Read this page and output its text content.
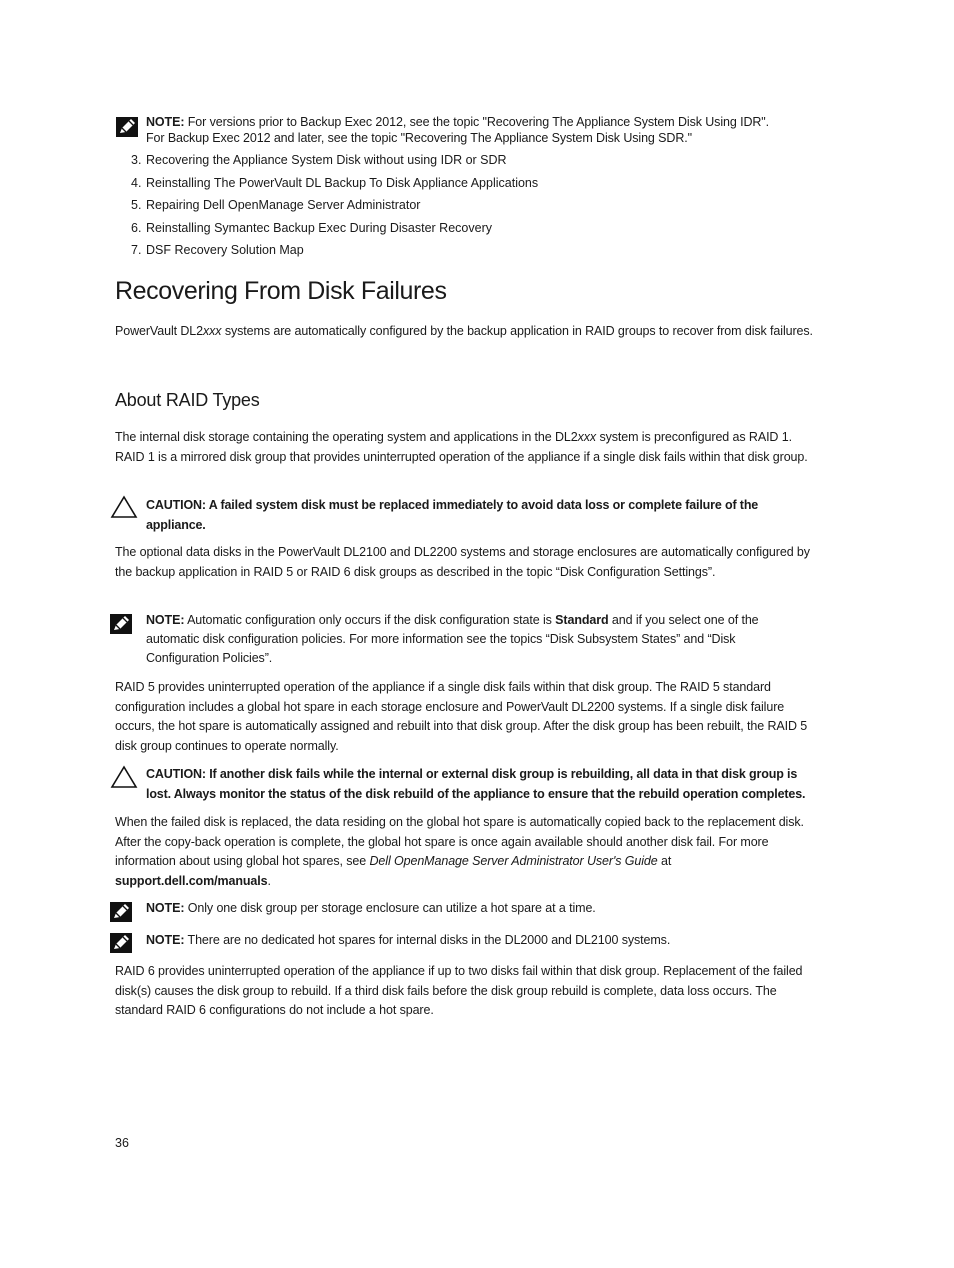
NOTE: For versions prior to Backup Exec 2012, see the topic "Recovering The Appliance System Disk Using IDR".
For Backup Exec 2012 and later, see the topic "Recovering The Appliance System Disk Using SDR."
3. Recovering the Appliance System Disk without using IDR or SDR
4. Reinstalling The PowerVault DL Backup To Disk Appliance Applications
5. Repairing Dell OpenManage Server Administrator
6. Reinstalling Symantec Backup Exec During Disaster Recovery
7. DSF Recovery Solution Map
Recovering From Disk Failures
PowerVault DL2xxx systems are automatically configured by the backup application in RAID groups to recover from disk failures.
About RAID Types
The internal disk storage containing the operating system and applications in the DL2xxx system is preconfigured as RAID 1. RAID 1 is a mirrored disk group that provides uninterrupted operation of the appliance if a single disk fails within that disk group.
CAUTION: A failed system disk must be replaced immediately to avoid data loss or complete failure of the appliance.
The optional data disks in the PowerVault DL2100 and DL2200 systems and storage enclosures are automatically configured by the backup application in RAID 5 or RAID 6 disk groups as described in the topic “Disk Configuration Settings”.
NOTE: Automatic configuration only occurs if the disk configuration state is Standard and if you select one of the automatic disk configuration policies. For more information see the topics “Disk Subsystem States” and “Disk Configuration Policies”.
RAID 5 provides uninterrupted operation of the appliance if a single disk fails within that disk group. The RAID 5 standard configuration includes a global hot spare in each storage enclosure and PowerVault DL2200 systems. If a single disk failure occurs, the hot spare is automatically assigned and rebuilt into that disk group. After the disk group has been rebuilt, the RAID 5 disk group continues to operate normally.
CAUTION: If another disk fails while the internal or external disk group is rebuilding, all data in that disk group is lost. Always monitor the status of the disk rebuild of the appliance to ensure that the rebuild operation completes.
When the failed disk is replaced, the data residing on the global hot spare is automatically copied back to the replacement disk. After the copy-back operation is complete, the global hot spare is once again available should another disk fail. For more information about using global hot spares, see Dell OpenManage Server Administrator User's Guide at support.dell.com/manuals.
NOTE: Only one disk group per storage enclosure can utilize a hot spare at a time.
NOTE: There are no dedicated hot spares for internal disks in the DL2000 and DL2100 systems.
RAID 6 provides uninterrupted operation of the appliance if up to two disks fail within that disk group. Replacement of the failed disk(s) causes the disk group to rebuild. If a third disk fails before the disk group rebuild is complete, data loss occurs. The standard RAID 6 configurations do not include a hot spare.
36
